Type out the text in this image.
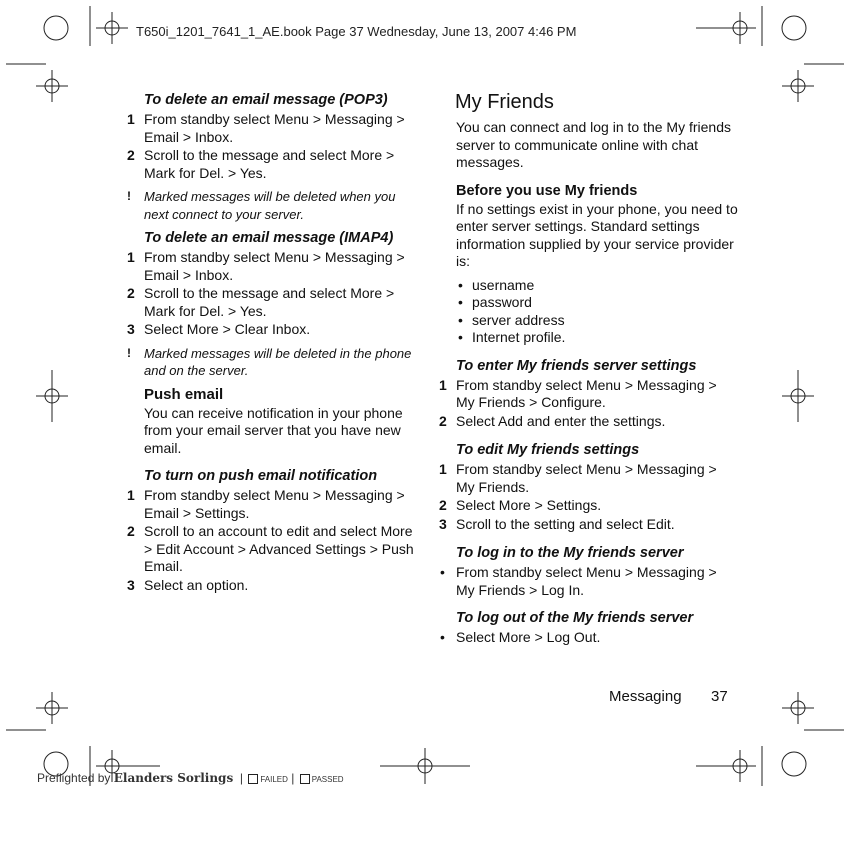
T650i_1201_7641_1_AE.book Page 37 Wednesday, June 13, 2007 4:46 PM
To delete an email message (POP3)
1 From standby select Menu > Messaging > Email > Inbox.
2 Scroll to the message and select More > Mark for Del. > Yes.
!	Marked messages will be deleted when you next connect to your server.
To delete an email message (IMAP4)
1 From standby select Menu > Messaging > Email > Inbox.
2 Scroll to the message and select More > Mark for Del. > Yes.
3 Select More > Clear Inbox.
!	Marked messages will be deleted in the phone and on the server.
Push email
You can receive notification in your phone from your email server that you have new email.
To turn on push email notification
1 From standby select Menu > Messaging > Email > Settings.
2 Scroll to an account to edit and select More > Edit Account > Advanced Settings > Push Email.
3 Select an option.
My Friends
You can connect and log in to the My friends server to communicate online with chat messages.
Before you use My friends
If no settings exist in your phone, you need to enter server settings. Standard settings information supplied by your service provider is:
• username
• password
• server address
• Internet profile.
To enter My friends server settings
1 From standby select Menu > Messaging > My Friends > Configure.
2 Select Add and enter the settings.
To edit My friends settings
1 From standby select Menu > Messaging > My Friends.
2 Select More > Settings.
3 Scroll to the setting and select Edit.
To log in to the My friends server
• From standby select Menu > Messaging > My Friends > Log In.
To log out of the My friends server
• Select More > Log Out.
Messaging 37
Preflighted by Elanders Sorlings  | FAILED | PASSED
